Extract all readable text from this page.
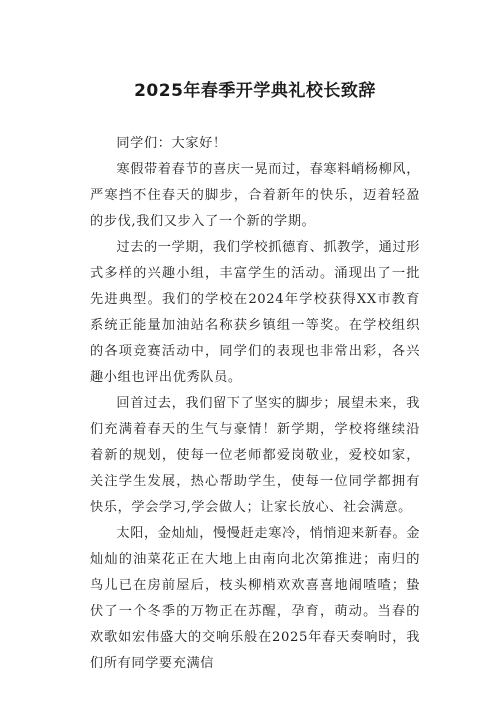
2025年春季开学典礼校长致辞

同学们：大家好！

寒假带着春节的喜庆一晃而过，春寒料峭杨柳风，严寒挡不住春天的脚步，合着新年的快乐，迈着轻盈的步伐,我们又步入了一个新的学期。

过去的一学期，我们学校抓德育、抓教学，通过形式多样的兴趣小组，丰富学生的活动。涌现出了一批先进典型。我们的学校在2024年学校获得XX市教育系统正能量加油站名称获乡镇组一等奖。在学校组织的各项竞赛活动中，同学们的表现也非常出彩，各兴趣小组也评出优秀队员。

回首过去，我们留下了坚实的脚步；展望未来，我们充满着春天的生气与豪情！新学期，学校将继续沿着新的规划，使每一位老师都爱岗敬业，爱校如家，关注学生发展，热心帮助学生，使每一位同学都拥有快乐，学会学习,学会做人；让家长放心、社会满意。

太阳，金灿灿，慢慢赶走寒冷，悄悄迎来新春。金灿灿的油菜花正在大地上由南向北次第推进；南归的鸟儿已在房前屋后，枝头柳梢欢欢喜喜地闹喳喳；蛰伏了一个冬季的万物正在苏醒，孕育，萌动。当春的欢歌如宏伟盛大的交响乐般在2025年春天奏响时，我们所有同学要充满信
